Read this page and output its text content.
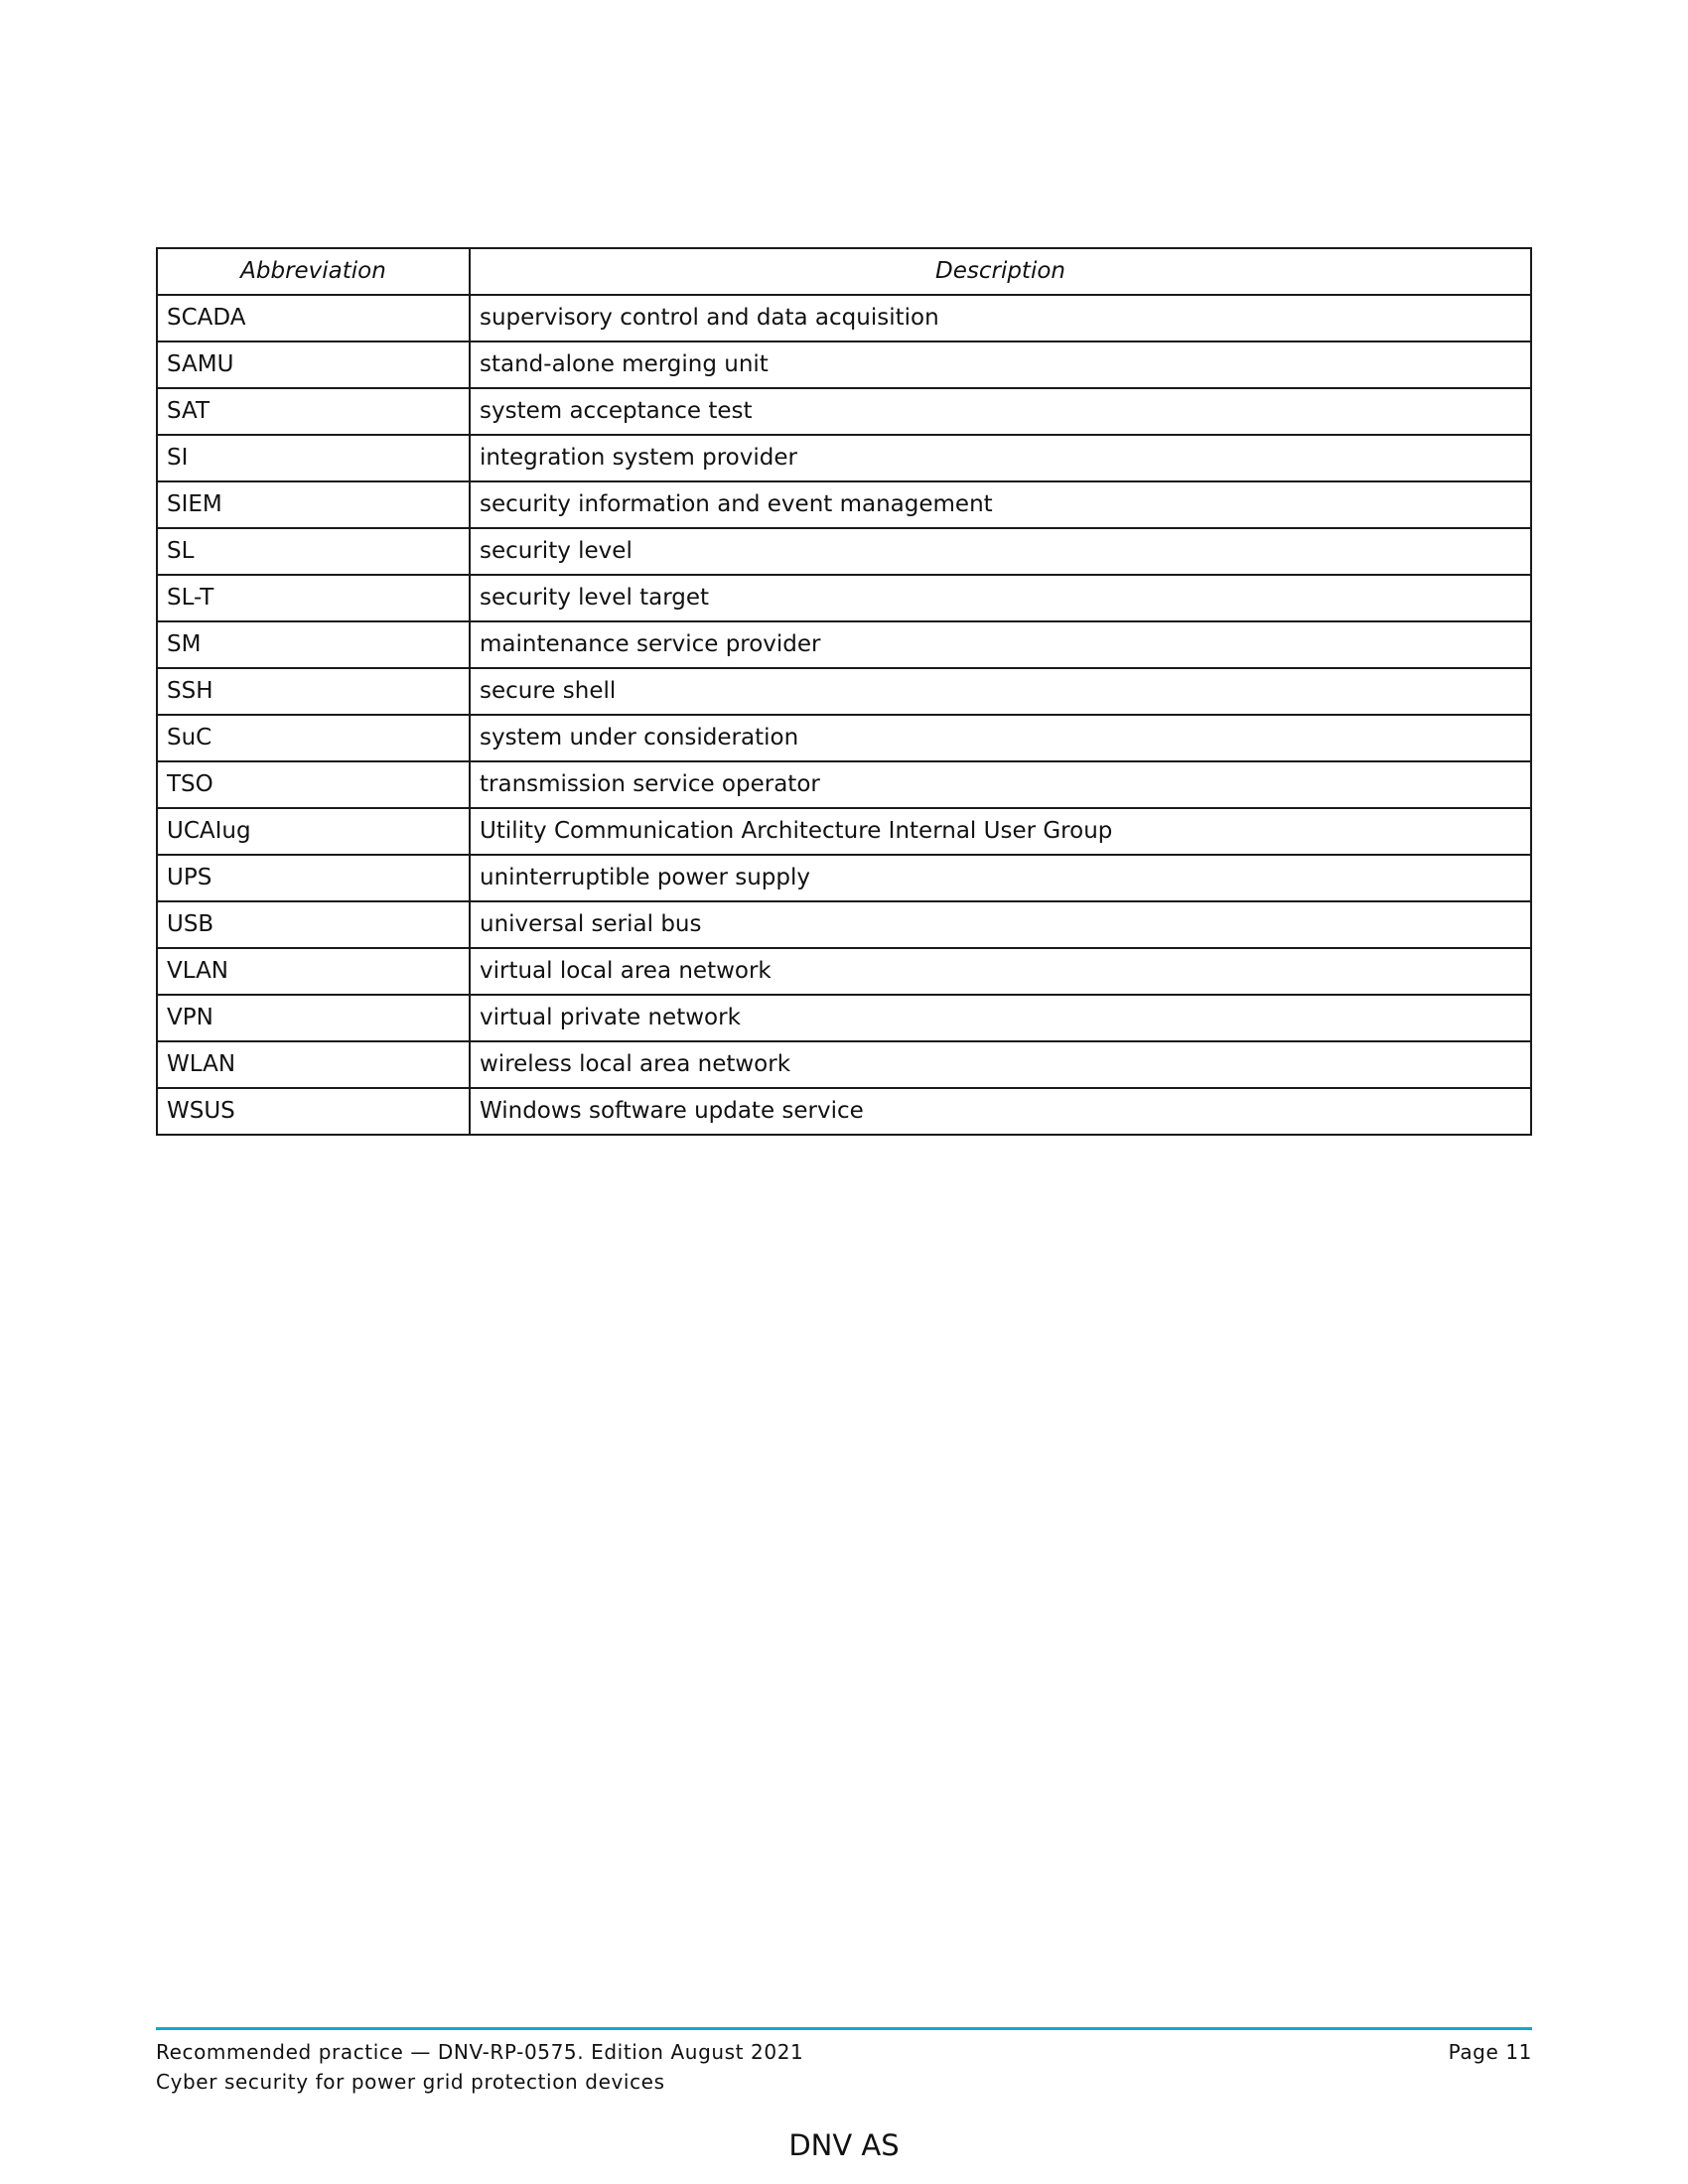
Abbreviation	Description
SCADA	supervisory control and data acquisition
SAMU	stand-alone merging unit
SAT	system acceptance test
SI	integration system provider
SIEM	security information and event management
SL	security level
SL-T	security level target
SM	maintenance service provider
SSH	secure shell
SuC	system under consideration
TSO	transmission service operator
UCAIug	Utility Communication Architecture Internal User Group
UPS	uninterruptible power supply
USB	universal serial bus
VLAN	virtual local area network
VPN	virtual private network
WLAN	wireless local area network
WSUS	Windows software update service
Recommended practice — DNV-RP-0575. Edition August 2021
Cyber security for power grid protection devices
Page 11
DNV AS
